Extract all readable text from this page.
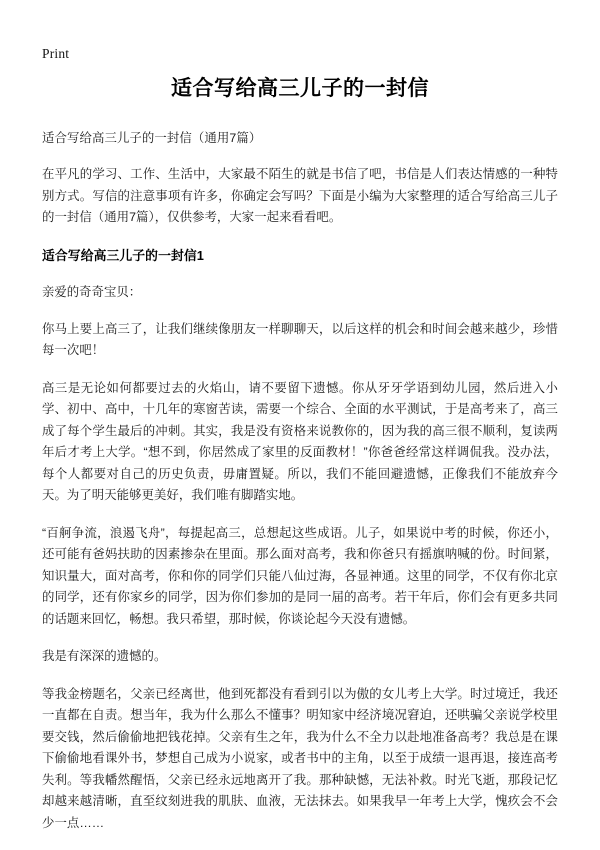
Print
适合写给高三儿子的一封信

适合写给高三儿子的一封信（通用7篇）

在平凡的学习、工作、生活中，大家最不陌生的就是书信了吧，书信是人们表达情感的一种特别方式。写信的注意事项有许多，你确定会写吗？下面是小编为大家整理的适合写给高三儿子的一封信（通用7篇），仅供参考，大家一起来看看吧。

适合写给高三儿子的一封信1

亲爱的奇奇宝贝：

你马上要上高三了，让我们继续像朋友一样聊聊天，以后这样的机会和时间会越来越少，珍惜每一次吧！

高三是无论如何都要过去的火焰山，请不要留下遗憾。你从牙牙学语到幼儿园，然后进入小学、初中、高中，十几年的寒窗苦读，需要一个综合、全面的水平测试，于是高考来了，高三成了每个学生最后的冲刺。其实，我是没有资格来说教你的，因为我的高三很不顺利，复读两年后才考上大学。“想不到，你居然成了家里的反面教材！”你爸爸经常这样调侃我。没办法，每个人都要对自己的历史负责，毋庸置疑。所以，我们不能回避遗憾，正像我们不能放弃今天。为了明天能够更美好，我们唯有脚踏实地。

“百舸争流，浪遏飞舟”，每提起高三，总想起这些成语。儿子，如果说中考的时候，你还小，还可能有爸妈扶助的因素掺杂在里面。那么面对高考，我和你爸只有摇旗呐喊的份。时间紧，知识量大，面对高考，你和你的同学们只能八仙过海，各显神通。这里的同学，不仅有你北京的同学，还有你家乡的同学，因为你们参加的是同一届的高考。若干年后，你们会有更多共同的话题来回忆，畅想。我只希望，那时候，你谈论起今天没有遗憾。

我是有深深的遗憾的。

等我金榜题名，父亲已经离世，他到死都没有看到引以为傲的女儿考上大学。时过境迁，我还一直都在自责。想当年，我为什么那么不懂事？明知家中经济境况窘迫，还哄骗父亲说学校里要交钱，然后偷偷地把钱花掉。父亲有生之年，我为什么不全力以赴地准备高考？我总是在课下偷偷地看课外书，梦想自己成为小说家，或者书中的主角，以至于成绩一退再退，接连高考失利。等我幡然醒悟，父亲已经永远地离开了我。那种缺憾，无法补救。时光飞逝，那段记忆却越来越清晰，直至纹刻进我的肌肤、血液，无法抹去。如果我早一年考上大学，愧疚会不会少一点……
